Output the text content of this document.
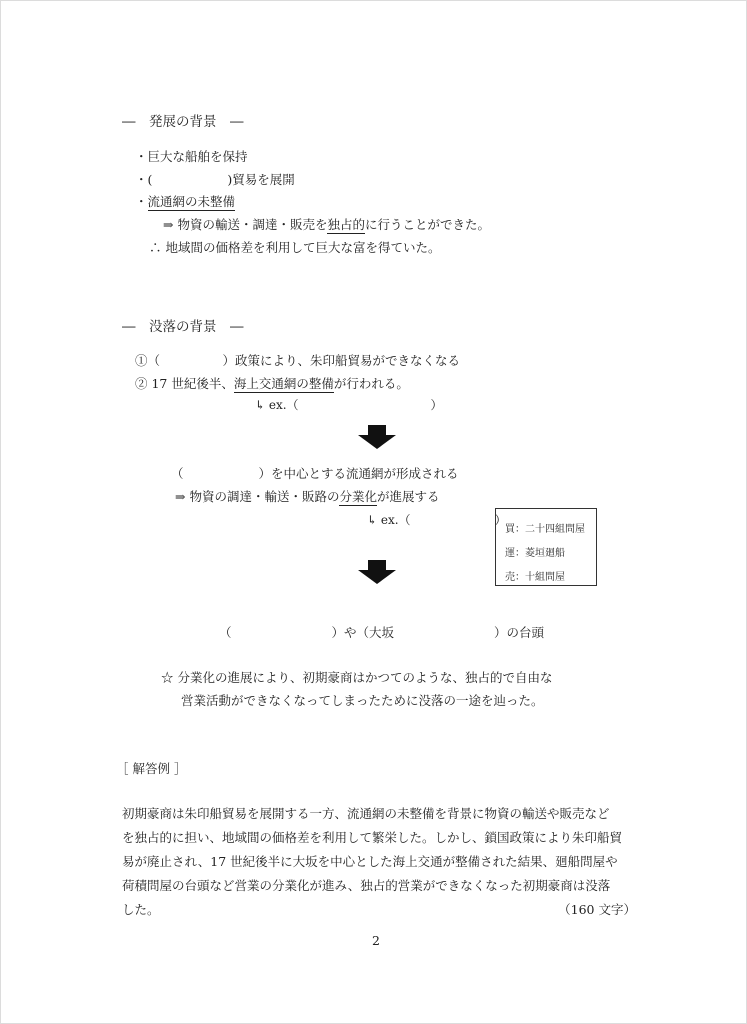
―　発展の背景　―
・巨大な船舶を保持
・(　　　　　　)貿易を展開
・流通網の未整備
⇒ 物資の輸送・調達・販売を独占的に行うことができた。
∴ 地域間の価格差を利用して巨大な富を得ていた。
―　没落の背景　―
①（　　　　　）政策により、朱印船貿易ができなくなる
② 17 世紀後半、海上交通網の整備が行われる。
↳ ex.（　　　　　　　　　　　）
（　　　　　　）を中心とする流通網が形成される
⇒ 物資の調達・輸送・販路の分業化が進展する
↳ ex.（　　　　　　　）
買：二十四組問屋
運：菱垣廻船
売：十組問屋
（　　　　　　　　）や（大坂　　　　　　　　）の台頭
☆ 分業化の進展により、初期豪商はかつてのような、独占的で自由な
営業活動ができなくなってしまったために没落の一途を辿った。
［ 解答例 ］
初期豪商は朱印船貿易を展開する一方、流通網の未整備を背景に物資の輸送や販売など
を独占的に担い、地域間の価格差を利用して繁栄した。しかし、鎖国政策により朱印船貿
易が廃止され、17 世紀後半に大坂を中心とした海上交通が整備された結果、廻船問屋や
荷積問屋の台頭など営業の分業化が進み、独占的営業ができなくなった初期豪商は没落
した。	（160 文字）
2
